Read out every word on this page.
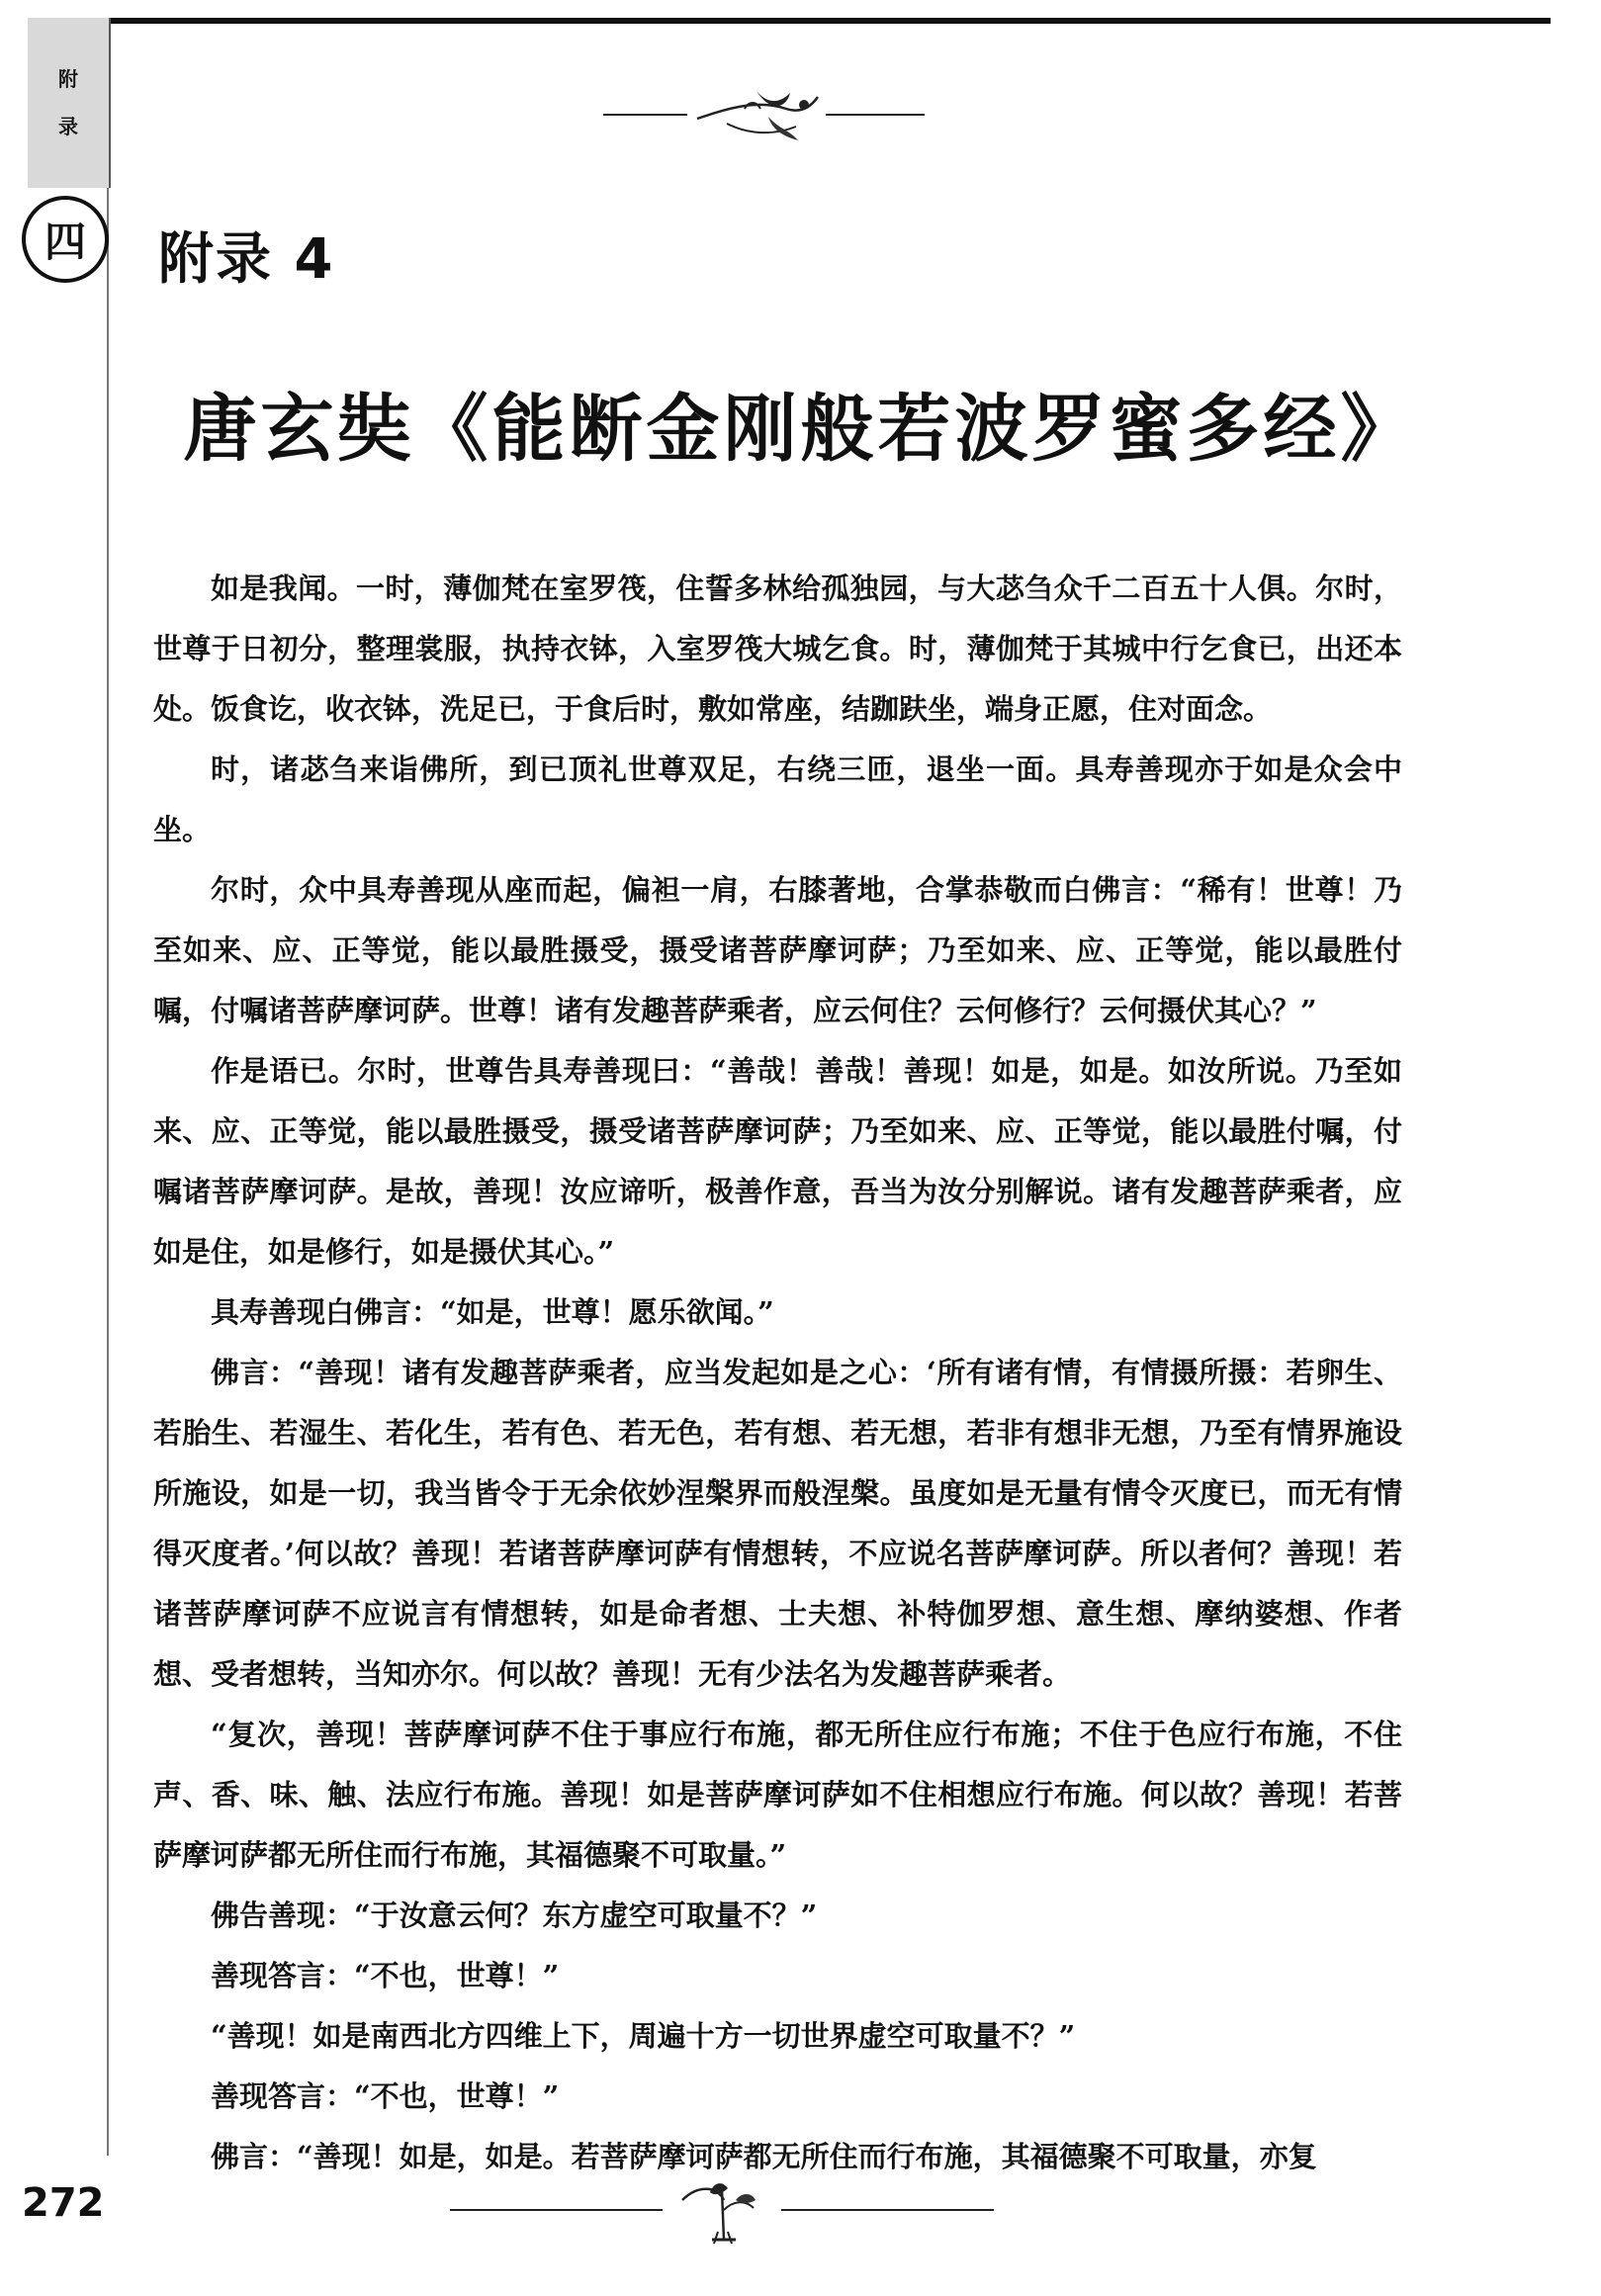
附
录
四 附录 4
唐玄奘《能断金刚般若波罗蜜多经》

如是我闻。一时，薄伽梵在室罗筏，住誓多林给孤独园，与大苾刍众千二百五十人俱。尔时，世尊于日初分，整理裳服，执持衣钵，入室罗筏大城乞食。时，薄伽梵于其城中行乞食已，出还本处。饭食讫，收衣钵，洗足已，于食后时，敷如常座，结跏趺坐，端身正愿，住对面念。

时，诸苾刍来诣佛所，到已顶礼世尊双足，右绕三匝，退坐一面。具寿善现亦于如是众会中坐。

尔时，众中具寿善现从座而起，偏袒一肩，右膝著地，合掌恭敬而白佛言：“稀有！世尊！乃至如来、应、正等觉，能以最胜摄受，摄受诸菩萨摩诃萨；乃至如来、应、正等觉，能以最胜付嘱，付嘱诸菩萨摩诃萨。世尊！诸有发趣菩萨乘者，应云何住？云何修行？云何摄伏其心？”

作是语已。尔时，世尊告具寿善现曰：“善哉！善哉！善现！如是，如是。如汝所说。乃至如来、应、正等觉，能以最胜摄受，摄受诸菩萨摩诃萨；乃至如来、应、正等觉，能以最胜付嘱，付嘱诸菩萨摩诃萨。是故，善现！汝应谛听，极善作意，吾当为汝分别解说。诸有发趣菩萨乘者，应如是住，如是修行，如是摄伏其心。”

具寿善现白佛言：“如是，世尊！愿乐欲闻。”

佛言：“善现！诸有发趣菩萨乘者，应当发起如是之心：‘所有诸有情，有情摄所摄：若卵生、若胎生、若湿生、若化生，若有色、若无色，若有想、若无想，若非有想非无想，乃至有情界施设所施设，如是一切，我当皆令于无余依妙涅槃界而般涅槃。虽度如是无量有情令灭度已，而无有情得灭度者。’何以故？善现！若诸菩萨摩诃萨有情想转，不应说名菩萨摩诃萨。所以者何？善现！若诸菩萨摩诃萨不应说言有情想转，如是命者想、士夫想、补特伽罗想、意生想、摩纳婆想、作者想、受者想转，当知亦尔。何以故？善现！无有少法名为发趣菩萨乘者。

“复次，善现！菩萨摩诃萨不住于事应行布施，都无所住应行布施；不住于色应行布施，不住声、香、味、触、法应行布施。善现！如是菩萨摩诃萨如不住相想应行布施。何以故？善现！若菩萨摩诃萨都无所住而行布施，其福德聚不可取量。”

佛告善现：“于汝意云何？东方虚空可取量不？”

善现答言：“不也，世尊！”

“善现！如是南西北方四维上下，周遍十方一切世界虚空可取量不？”

善现答言：“不也，世尊！”

佛言：“善现！如是，如是。若菩萨摩诃萨都无所住而行布施，其福德聚不可取量，亦复

272
